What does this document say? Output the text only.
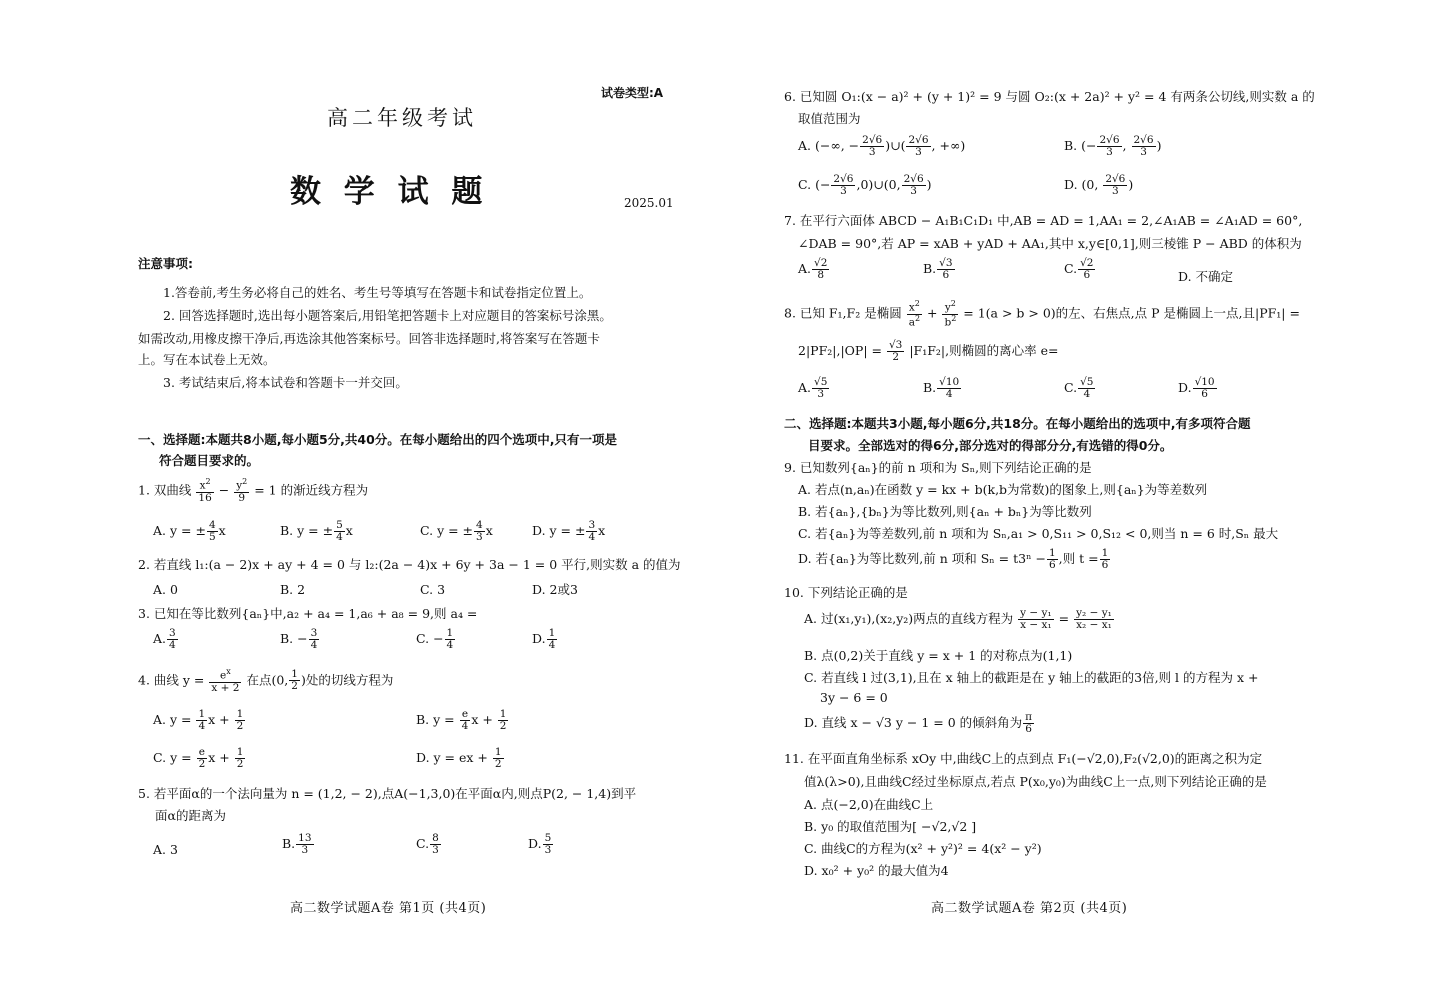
试卷类型:A
高二年级考试
数 学 试 题	2025.01
注意事项:
1.答卷前,考生务必将自己的姓名、考生号等填写在答题卡和试卷指定位置上。
2. 回答选择题时,选出每小题答案后,用铅笔把答题卡上对应题目的答案标号涂黑。
如需改动,用橡皮擦干净后,再选涂其他答案标号。回答非选择题时,将答案写在答题卡
上。写在本试卷上无效。
3. 考试结束后,将本试卷和答题卡一并交回。
一、选择题:本题共8小题,每小题5分,共40分。在每小题给出的四个选项中,只有一项是
符合题目要求的。
1. 双曲线 $\frac{x^2}{16} - \frac{y^2}{9} = 1$ 的渐近线方程为
A. y = ± $\frac{4}{5}$ x	B. y = ± $\frac{5}{4}$ x	C. y = ± $\frac{4}{3}$ x	D. y = ± $\frac{3}{4}$ x
2. 若直线 l₁:(a − 2)x + ay + 4 = 0 与 l₂:(2a − 4)x + 6y + 3a − 1 = 0 平行,则实数 a 的值为
A. 0	B. 2	C. 3	D. 2或3
3. 已知在等比数列{aₙ}中,a₂ + a₄ = 1,a₆ + a₈ = 9,则 a₄ =
A. $\frac{3}{4}$	B. − $\frac{3}{4}$	C. − $\frac{1}{4}$	D. $\frac{1}{4}$
4. 曲线 $y = \frac{e^x}{x + 2}$ 在点(0, $\frac{1}{2}$ )处的切线方程为
A. $y = \frac{1}{4}$ $x + \frac{1}{2}$	B. $y = \frac{e}{4}$ $x + \frac{1}{2}$
C. $y = \frac{e}{2}$ $x + \frac{1}{2}$	D. y = ex + $\frac{1}{2}$
5. 若平面α的一个法向量为 n = (1,2, − 2),点A(−1,3,0)在平面α内,则点P(2, − 1,4)到平
面α的距离为
A. 3	B. $\frac{13}{3}$	C. $\frac{8}{3}$	D. $\frac{5}{3}$
高二数学试题A卷 第1页 (共4页)
6. 已知圆 O₁:(x − a)² + (y + 1)² = 9 与圆 O₂:(x + 2a)² + y² = 4 有两条公切线,则实数 a 的
取值范围为
A. (−∞, − $\frac{2√6}{3}$ )∪( $\frac{2√6}{3}$ , +∞)	B. (− $\frac{2√6}{3}$ , $\frac{2√6}{3}$ )
C. (− $\frac{2√6}{3}$ ,0)∪(0, $\frac{2√6}{3}$ )	D. (0, $\frac{2√6}{3}$ )
7. 在平行六面体 ABCD − A₁B₁C₁D₁ 中,AB = AD = 1,AA₁ = 2,∠A₁AB = ∠A₁AD = 60°,
∠DAB = 90°,若 AP = xAB + yAD + AA₁,其中 x,y∈[0,1],则三棱锥 P − ABD 的体积为
A. $\frac{√2}{8}$	B. $\frac{√3}{6}$	C. $\frac{√2}{6}$	D. 不确定
8. 已知 F₁,F₂ 是椭圆 $\frac{x^2}{a^2} + \frac{y^2}{b^2} = 1(a > b > 0)$的左、右焦点,点 P 是椭圆上一点,且|PF₁| =
$2|PF_2|,|OP| = \frac{√3}{2} |F_1F_2|$,则椭圆的离心率 e=
A. $\frac{√5}{3}$	B. $\frac{√10}{4}$	C. $\frac{√5}{4}$	D. $\frac{√10}{6}$
二、选择题:本题共3小题,每小题6分,共18分。在每小题给出的选项中,有多项符合题
目要求。全部选对的得6分,部分选对的得部分分,有选错的得0分。
9. 已知数列{aₙ}的前 n 项和为 Sₙ,则下列结论正确的是
A. 若点(n,aₙ)在函数 y = kx + b(k,b为常数)的图象上,则{aₙ}为等差数列
B. 若{aₙ},{bₙ}为等比数列,则{aₙ + bₙ}为等比数列
C. 若{aₙ}为等差数列,前 n 项和为 Sₙ,a₁ > 0,S₁₁ > 0,S₁₂ < 0,则当 n = 6 时,Sₙ 最大
D. 若{aₙ}为等比数列,前 n 项和 $S_n = t3^n - \frac{1}{6}$ ,则 $t = \frac{1}{6}$
10. 下列结论正确的是
A. 过(x₁,y₁),(x₂,y₂)两点的直线方程为 $\frac{\text{y − y₁}}{\text{x − x₁}} = \frac{\text{y₂ − y₁}}{\text{x₂ − x₁}}$
B. 点(0,2)关于直线 y = x + 1 的对称点为(1,1)
C. 若直线 l 过(3,1),且在 x 轴上的截距是在 y 轴上的截距的3倍,则 l 的方程为 x +
3y − 6 = 0
D. 直线 x − √3 y − 1 = 0 的倾斜角为 $\frac{\pi}{6}$
11. 在平面直角坐标系 xOy 中,曲线C上的点到点 F₁(−√2,0),F₂(√2,0)的距离之积为定
值λ(λ>0),且曲线C经过坐标原点,若点 P(x₀,y₀)为曲线C上一点,则下列结论正确的是
A. 点(−2,0)在曲线C上
B. y₀ 的取值范围为[ −√2,√2 ]
C. 曲线C的方程为(x² + y²)² = 4(x² − y²)
D. x₀² + y₀² 的最大值为4
高二数学试题A卷 第2页 (共4页)
